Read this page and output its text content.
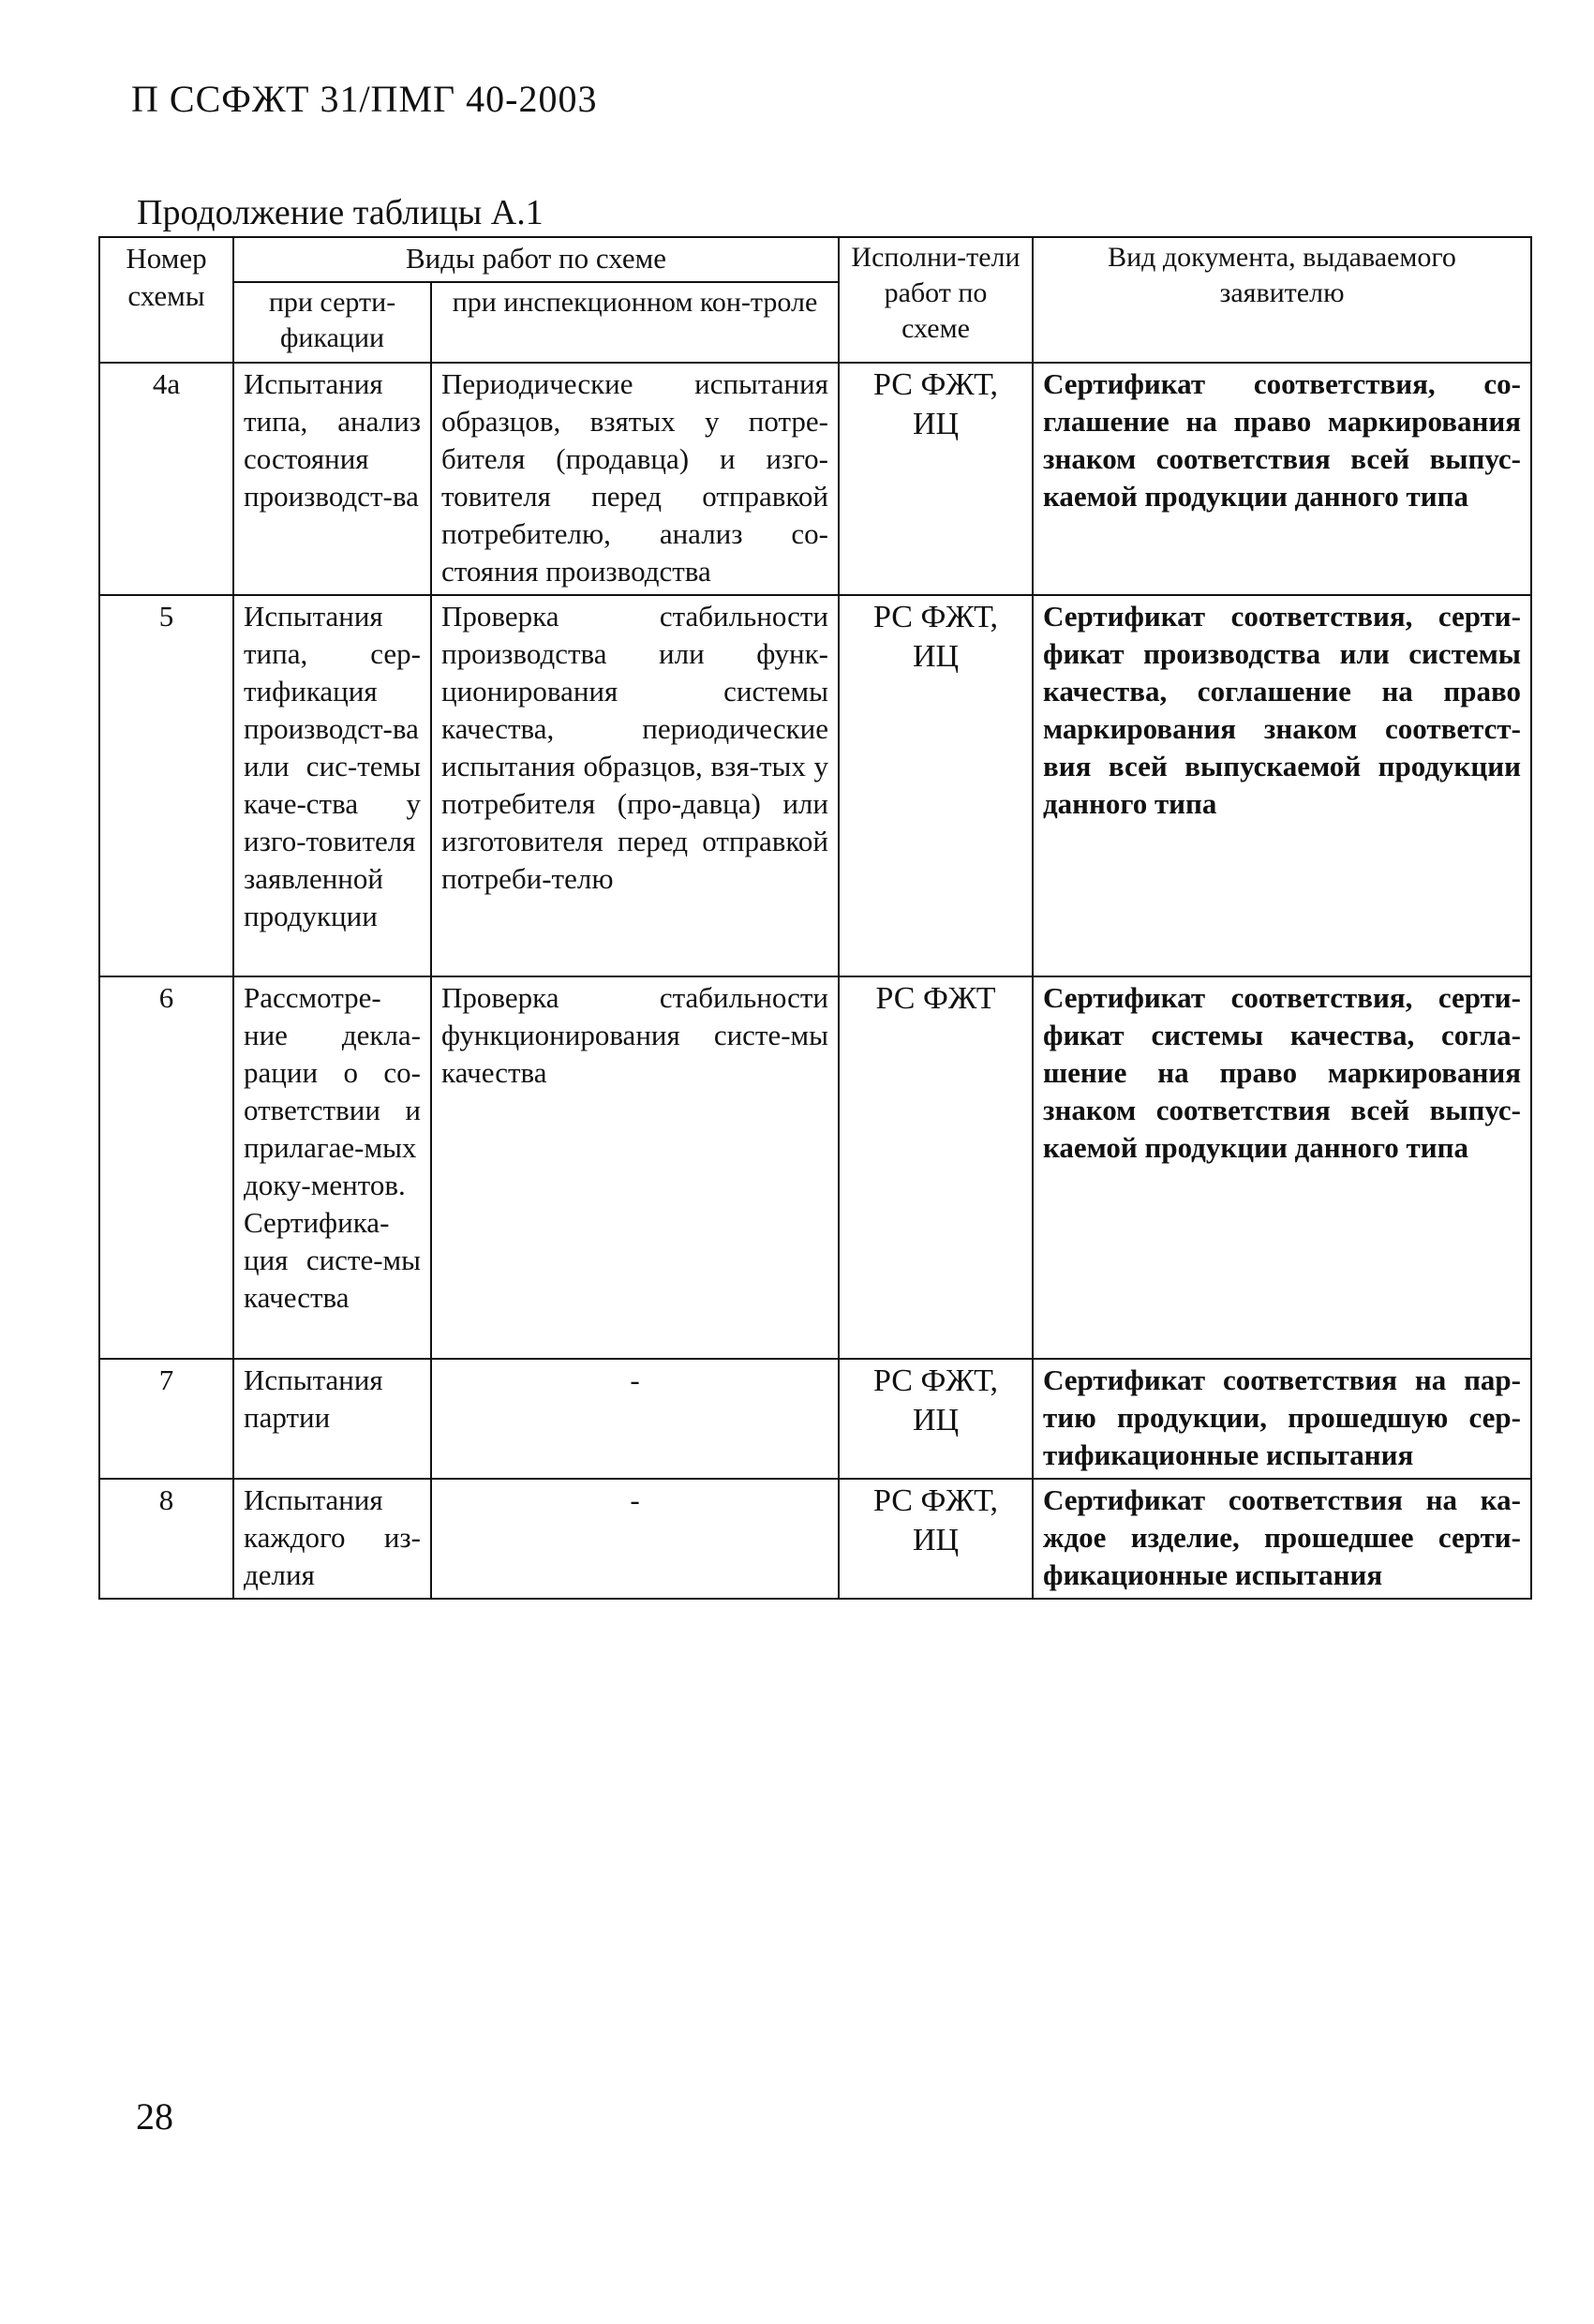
П ССФЖТ 31/ПМГ 40-2003
Продолжение таблицы А.1
Номер схемы	Виды работ по схеме		Исполни-тели работ по схеме	Вид документа, выдаваемого заявителю
	при серти-фикации	при инспекционном кон-троле		
4а	Испытания типа, анализ состояния производст-ва	Периодические испытания образцов, взятых у потре-бителя (продавца) и изго-товителя перед отправкой потребителю, анализ со-стояния производства	РС ФЖТ, ИЦ	Сертификат соответствия, со-глашение на право маркирования знаком соответствия всей выпус-каемой продукции данного типа
5	Испытания типа, сер-тификация производст-ва или сис-темы каче-ства у изго-товителя заявленной продукции	Проверка стабильности производства или функ-ционирования системы качества, периодические испытания образцов, взя-тых у потребителя (про-давца) или изготовителя перед отправкой потреби-телю	РС ФЖТ, ИЦ	Сертификат соответствия, серти-фикат производства или системы качества, соглашение на право маркирования знаком соответст-вия всей выпускаемой продукции данного типа
6	Рассмотре-ние декла-рации о со-ответствии и прилагае-мых доку-ментов. Сертифика-ция систе-мы качества	Проверка стабильности функционирования систе-мы качества	РС ФЖТ	Сертификат соответствия, серти-фикат системы качества, согла-шение на право маркирования знаком соответствия всей выпус-каемой продукции данного типа
7	Испытания партии	-	РС ФЖТ, ИЦ	Сертификат соответствия на пар-тию продукции, прошедшую сер-тификационные испытания
8	Испытания каждого из-делия	-	РС ФЖТ, ИЦ	Сертификат соответствия на ка-ждое изделие, прошедшее серти-фикационные испытания
28
